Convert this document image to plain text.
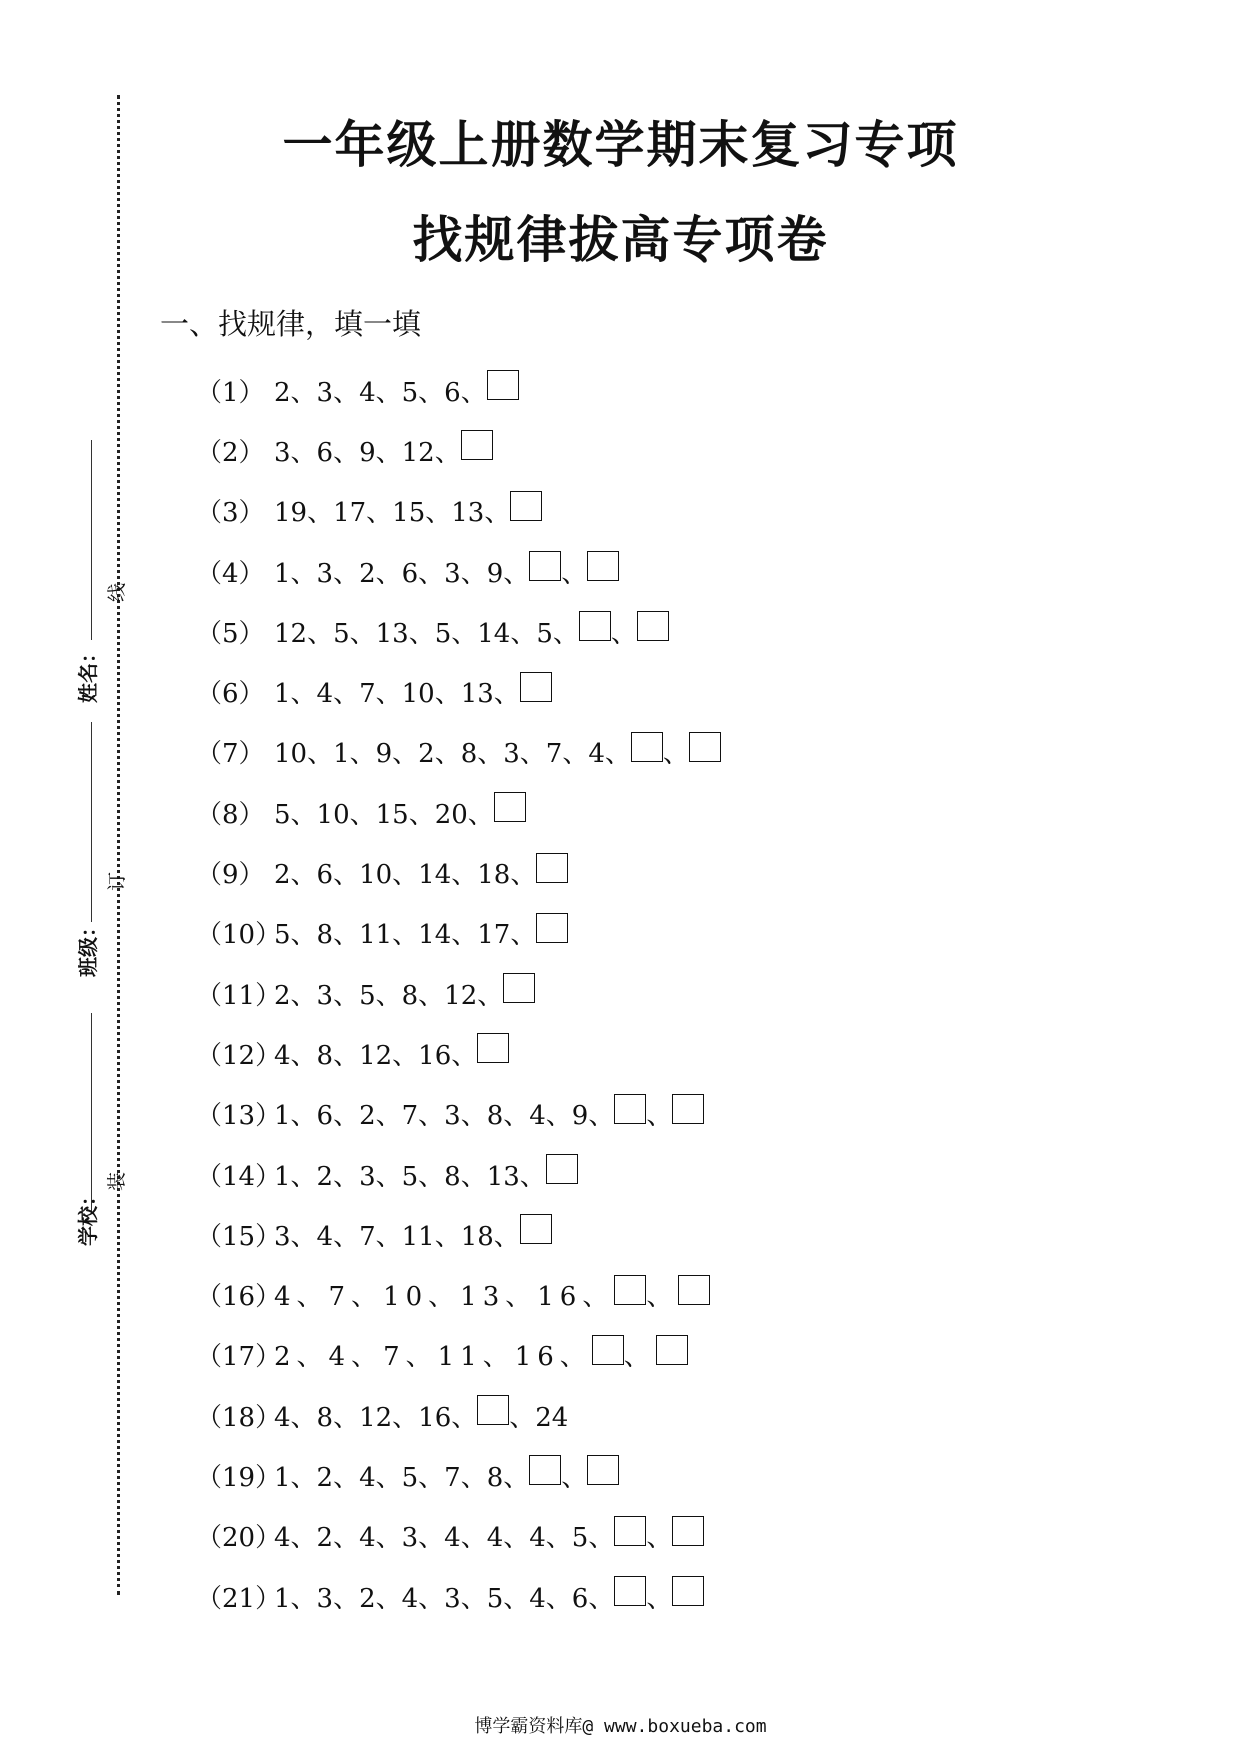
姓名：
班级：
学校：
线
订
装
一年级上册数学期末复习专项
找规律拔高专项卷
一、找规律，填一填
（1） 2、3、4、5、6、
（2） 3、6、9、12、
（3） 19、17、15、13、
（4） 1、3、2、6、3、9、 、
（5） 12、5、13、5、14、5、 、
（6） 1、4、7、10、13、
（7） 10、1、9、2、8、3、7、4、 、
（8） 5、10、15、20、
（9） 2、6、10、14、18、
（10）
5、8、11、14、17、
（11）
2、3、5、8、12、
（12）
4、8、12、16、
（13）
1、6、2、7、3、8、4、9、 、
（14）
1、2、3、5、8、13、
（15）
3、4、7、11、18、
（16）
4、7、10、13、16、 、
（17）
2、4、7、11、16、 、
（18）
4、8、12、16、 、24
（19）
1、2、4、5、7、8、 、
（20）
4、2、4、3、4、4、4、5、 、
（21）
1、3、2、4、3、5、4、6、 、
博学霸资料库@ www.boxueba.com
